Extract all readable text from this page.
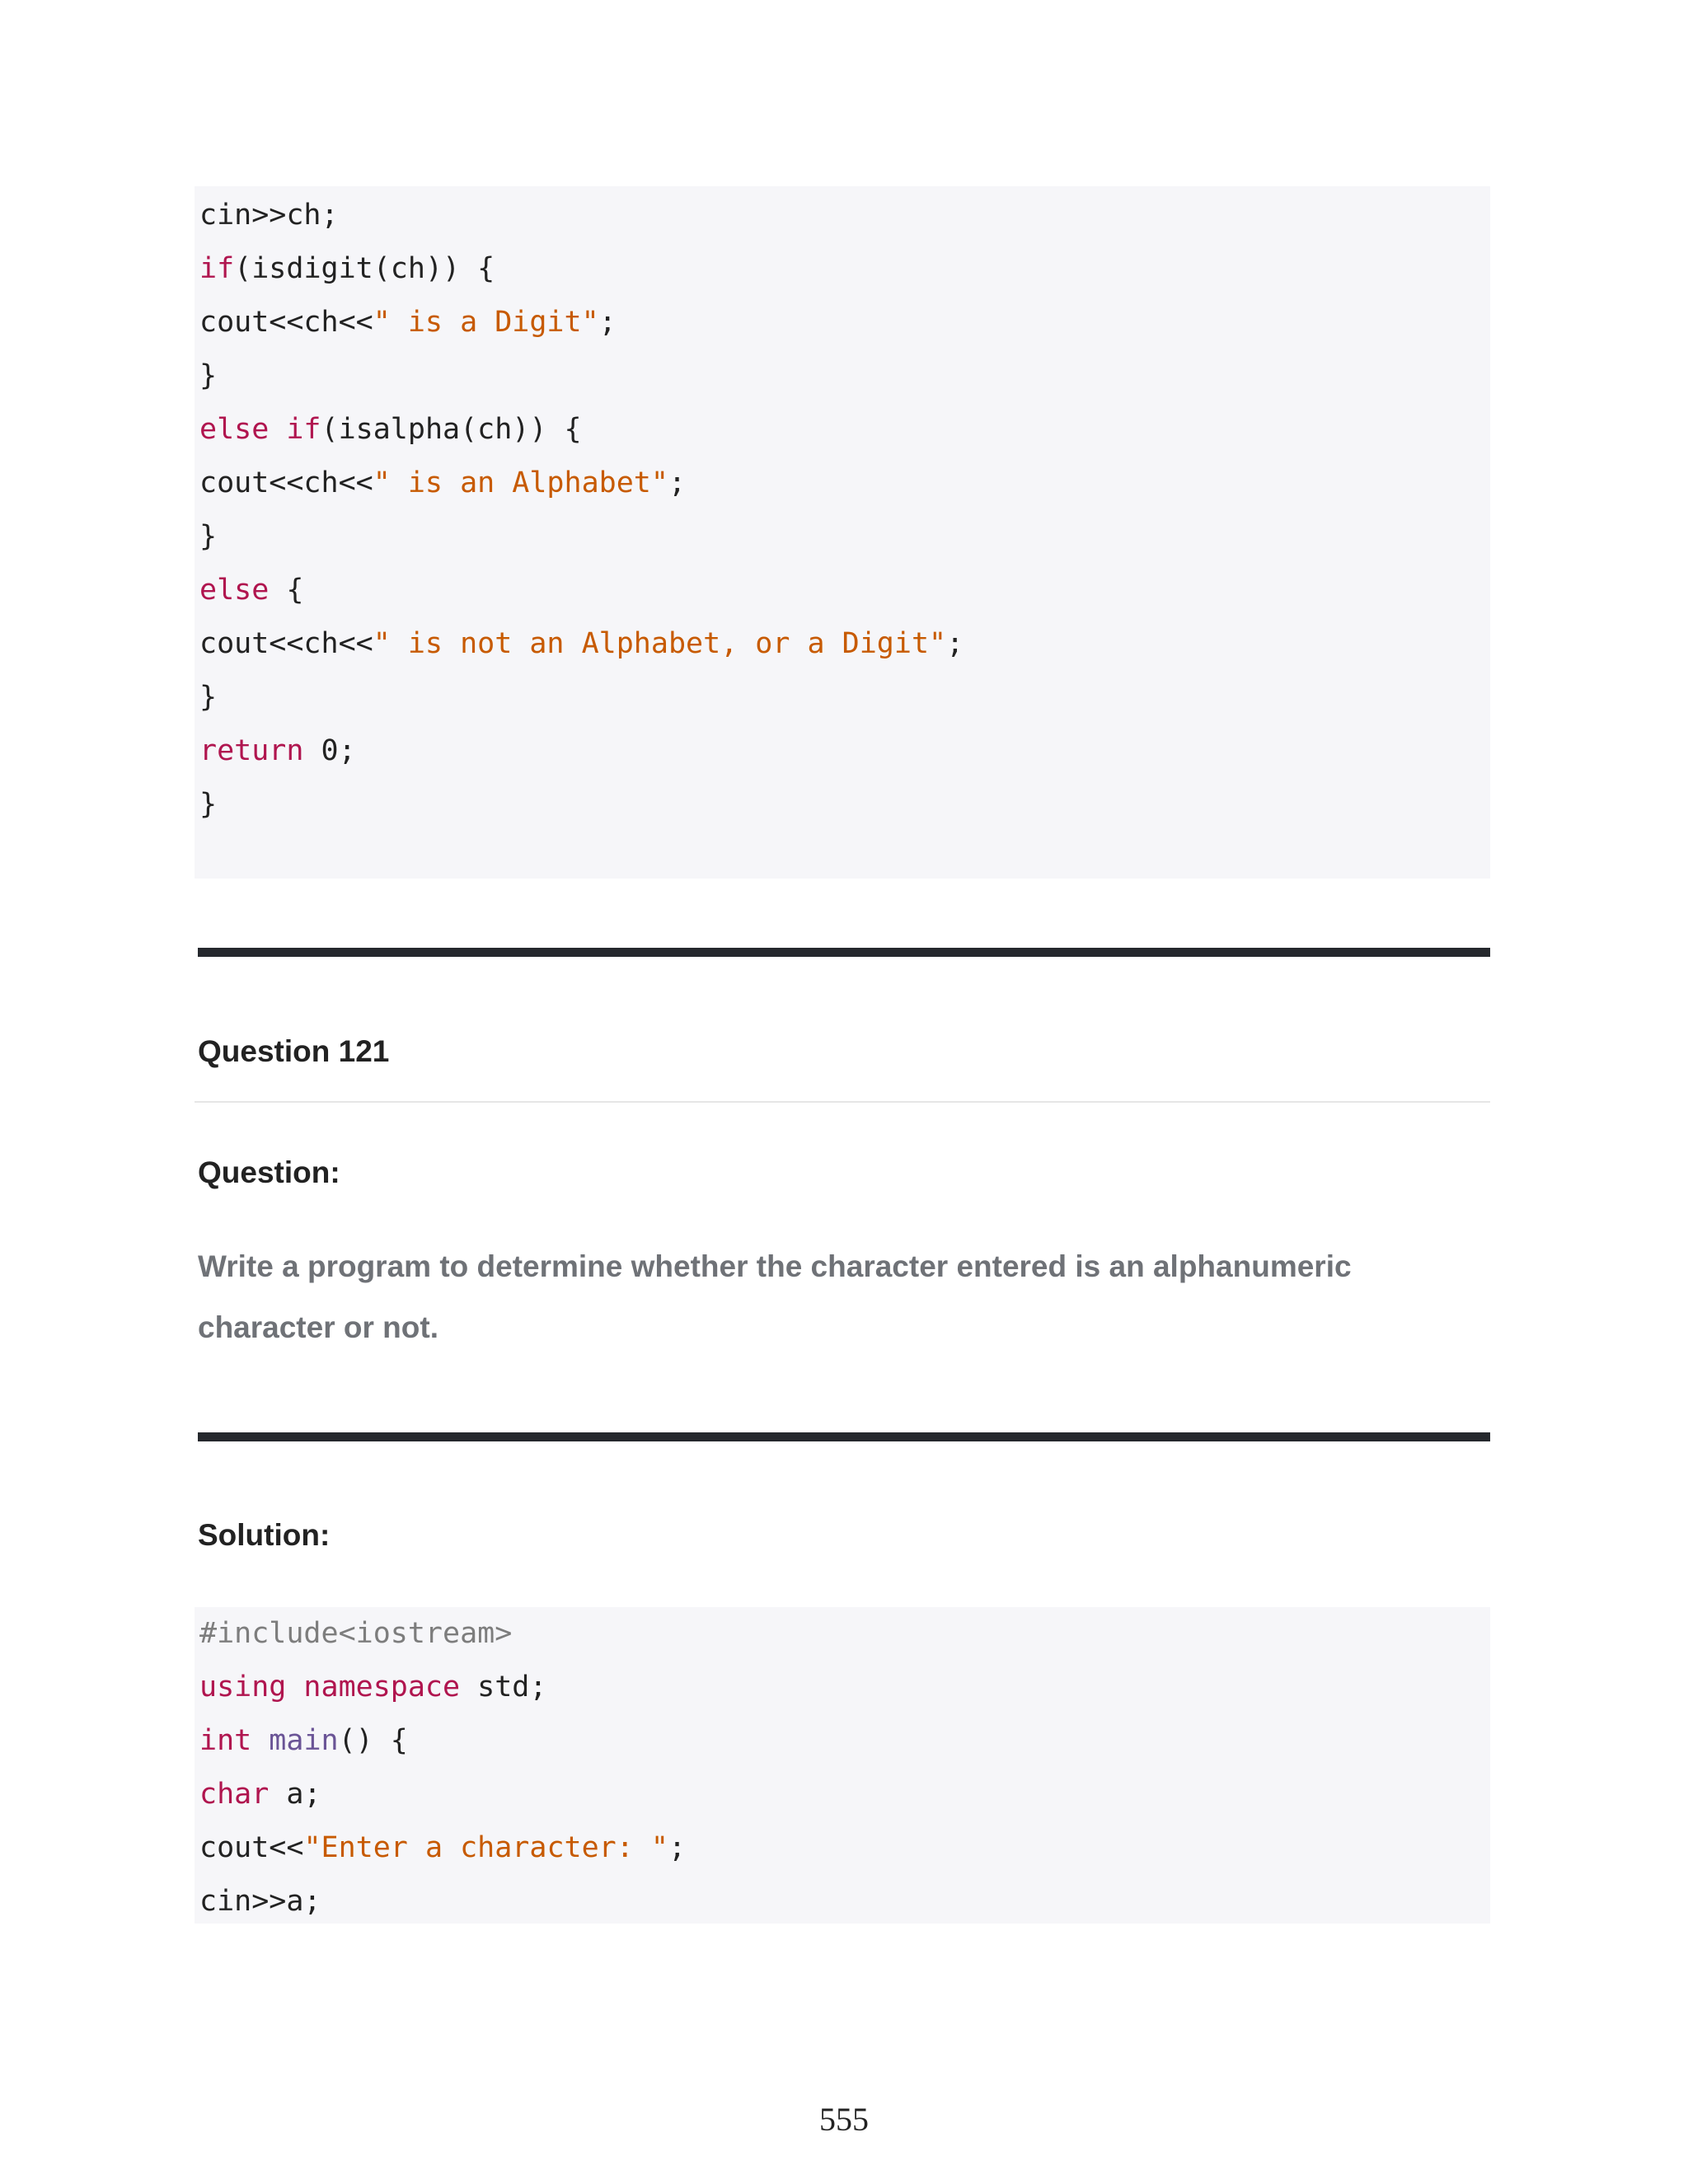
cin>>ch;
if(isdigit(ch)) {
cout<<ch<<" is a Digit";
}
else if(isalpha(ch)) {
cout<<ch<<" is an Alphabet";
}
else {
cout<<ch<<" is not an Alphabet, or a Digit";
}
return 0;
}
Question 121
Question:
Write a program to determine whether the character entered is an alphanumeric character or not.
Solution:
#include<iostream>
using namespace std;
int main() {
char a;
cout<<"Enter a character: ";
cin>>a;
555
